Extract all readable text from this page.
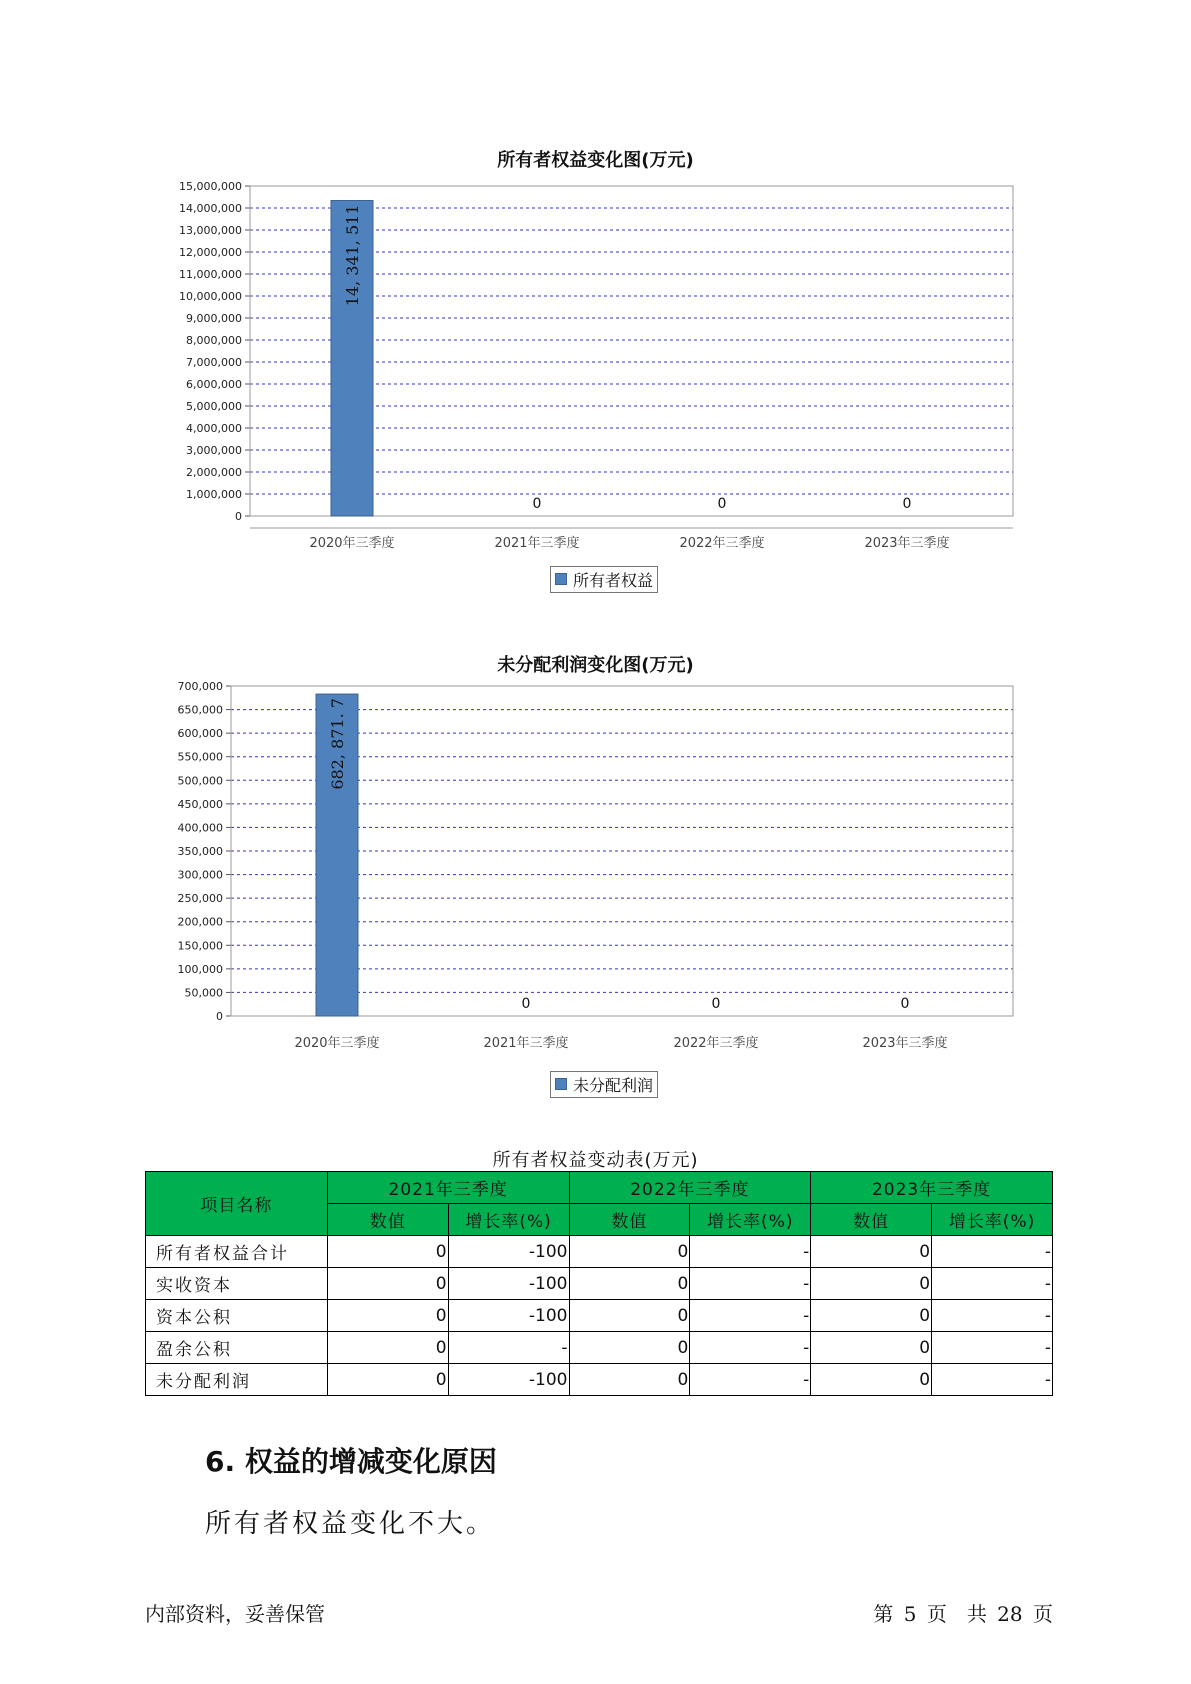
所有者权益变化图(万元)
0
1,000,000
2,000,000
3,000,000
4,000,000
5,000,000
6,000,000
7,000,000
8,000,000
9,000,000
10,000,000
11,000,000
12,000,000
13,000,000
14,000,000
15,000,000
14, 341, 511
2020年三季度
0
2021年三季度
0
2022年三季度
0
2023年三季度
所有者权益
未分配利润变化图(万元)
0
50,000
100,000
150,000
200,000
250,000
300,000
350,000
400,000
450,000
500,000
550,000
600,000
650,000
700,000
682, 871. 7
2020年三季度
0
2021年三季度
0
2022年三季度
0
2023年三季度
未分配利润
所有者权益变动表(万元)
项目名称	2021年三季度		2022年三季度		2023年三季度	
	数值	增长率(%)	数值	增长率(%)	数值	增长率(%)
所有者权益合计	0	-100	0	-	0	-
实收资本	0	-100	0	-	0	-
资本公积	0	-100	0	-	0	-
盈余公积	0	-	0	-	0	-
未分配利润	0	-100	0	-	0	-
6. 权益的增减变化原因

所有者权益变化不大。

内部资料，妥善保管	第 5 页　共 28 页
